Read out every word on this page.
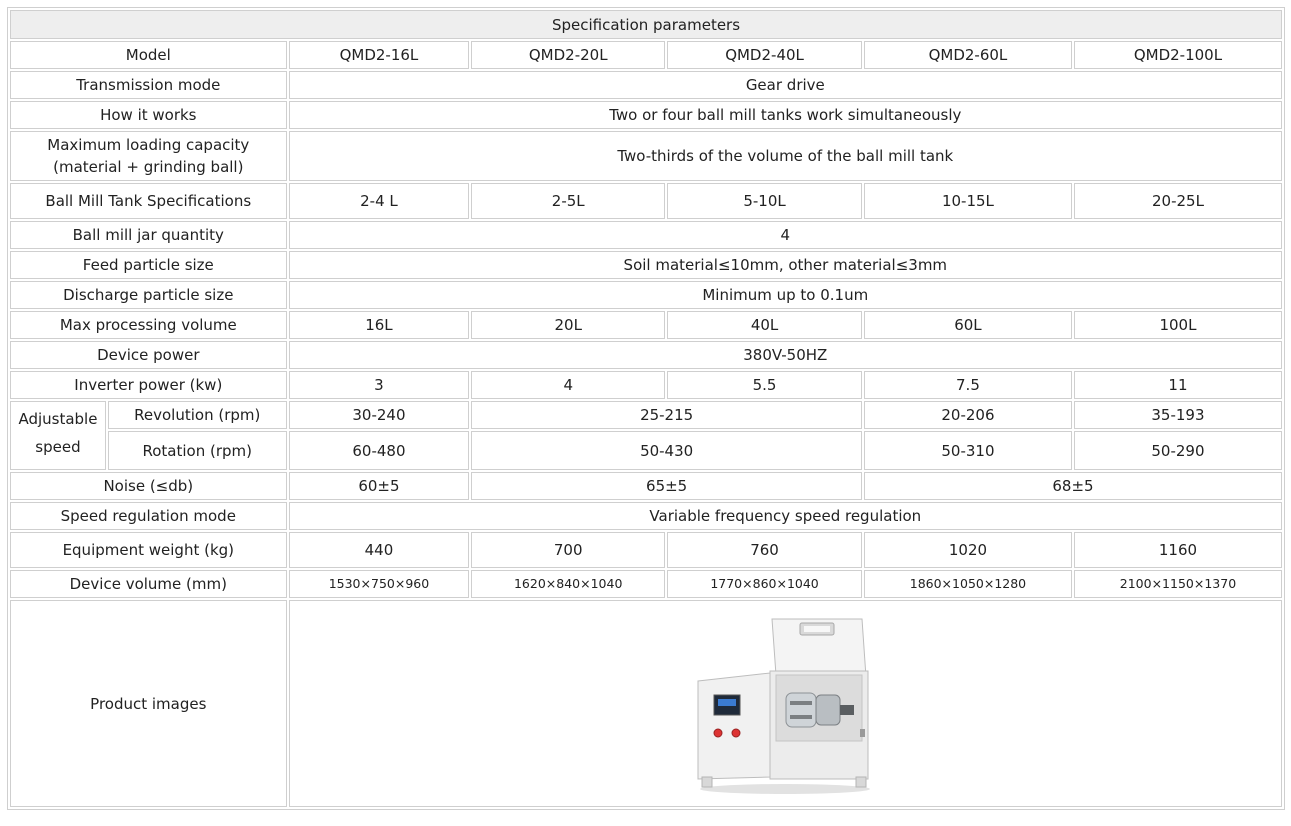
Specification parameters						
Model		QMD2-16L	QMD2-20L	QMD2-40L	QMD2-60L	QMD2-100L
Transmission mode		Gear drive				
How it works		Two or four ball mill tanks work simultaneously				
Maximum loading capacity
(material + grinding ball)		Two-thirds of the volume of the ball mill tank				
Ball Mill Tank Specifications		2-4 L	2-5L	5-10L	10-15L	20-25L
Ball mill jar quantity		4				
Feed particle size		Soil material≤10mm, other material≤3mm				
Discharge particle size		Minimum up to 0.1um				
Max processing volume		16L	20L	40L	60L	100L
Device power		380V-50HZ				
Inverter power (kw)		3	4	5.5	7.5	11
Adjustable
speed	Revolution (rpm)	30-240	25-215		20-206	35-193
	Rotation (rpm)	60-480	50-430		50-310	50-290
Noise (≤db)		60±5	65±5		68±5	
Speed regulation mode		Variable frequency speed regulation				
Equipment weight (kg)		440	700	760	1020	1160
Device volume (mm)		1530×750×960	1620×840×1040	1770×860×1040	1860×1050×1280	2100×1150×1370
Product images	
